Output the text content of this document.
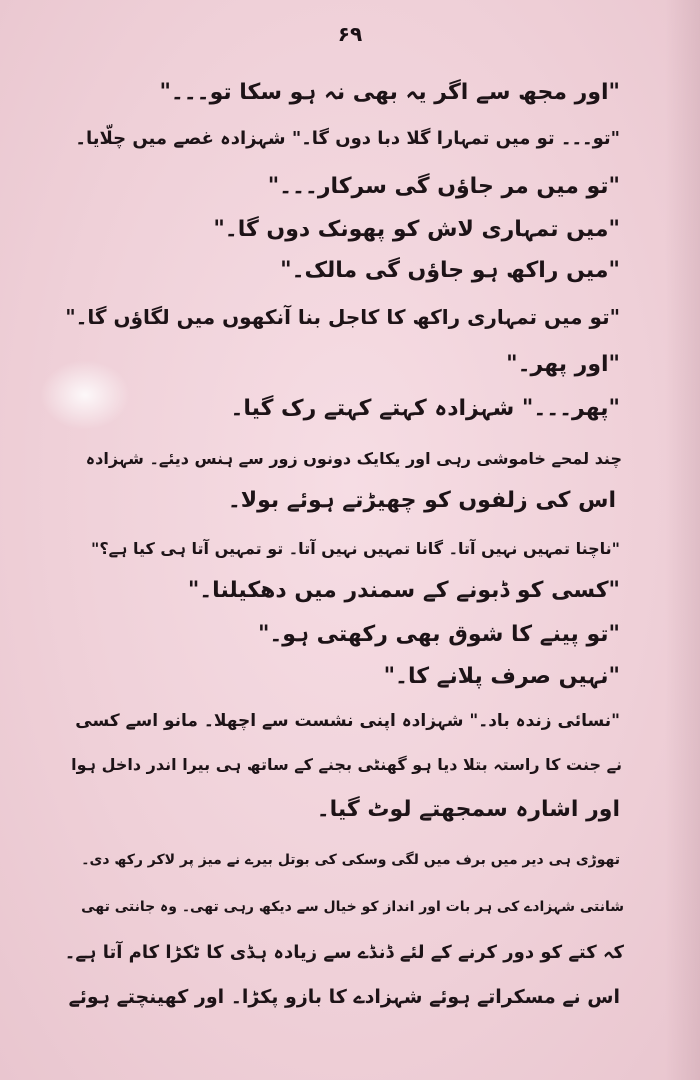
۶۹
"اور مجھ سے اگر یہ بھی نہ ہو سکا تو۔۔۔"
"تو۔۔۔ تو میں تمہارا گلا دبا دوں گا۔" شہزادہ غصے میں چلّایا۔
"تو میں مر جاؤں گی سرکار۔۔۔"
"میں تمہاری لاش کو پھونک دوں گا۔"
"میں راکھ ہو جاؤں گی مالک۔"
"تو میں تمہاری راکھ کا کاجل بنا آنکھوں میں لگاؤں گا۔"
"اور پھر۔"
"پھر۔۔۔" شہزادہ کہتے کہتے رک گیا۔
چند لمحے خاموشی رہی اور یکایک دونوں زور سے ہنس دیئے۔ شہزادہ
اس کی زلفوں کو چھیڑتے ہوئے بولا۔
"ناچنا تمہیں نہیں آتا۔ گانا تمہیں نہیں آتا۔ تو تمہیں آتا ہی کیا ہے؟"
"کسی کو ڈبونے کے سمندر میں دھکیلنا۔"
"تو پینے کا شوق بھی رکھتی ہو۔"
"نہیں صرف پلانے کا۔"
"نسائی زندہ باد۔" شہزادہ اپنی نشست سے اچھلا۔ مانو اسے کسی
نے جنت کا راستہ بتلا دیا ہو گھنٹی بجنے کے ساتھ ہی بیرا اندر داخل ہوا
اور اشارہ سمجھتے لوٹ گیا۔
تھوڑی ہی دیر میں برف میں لگی وسکی کی بوتل بیرے نے میز پر لاکر رکھ دی۔
شانتی شہزادے کی ہر بات اور انداز کو خیال سے دیکھ رہی تھی۔ وہ جانتی تھی
کہ کتے کو دور کرنے کے لئے ڈنڈے سے زیادہ ہڈی کا ٹکڑا کام آتا ہے۔
اس نے مسکراتے ہوئے شہزادے کا بازو پکڑا۔ اور کھینچتے ہوئے
